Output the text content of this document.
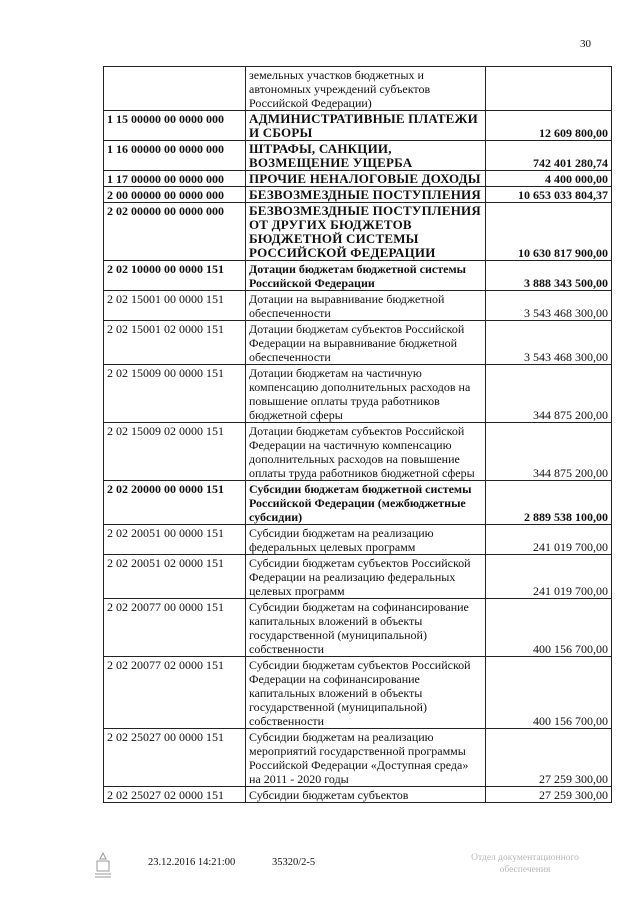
30
	земельных участков бюджетных и автономных учреждений субъектов Российской Федерации)	
1 15 00000 00 0000 000	АДМИНИСТРАТИВНЫЕ ПЛАТЕЖИ И СБОРЫ	12 609 800,00
1 16 00000 00 0000 000	ШТРАФЫ, САНКЦИИ, ВОЗМЕЩЕНИЕ УЩЕРБА	742 401 280,74
1 17 00000 00 0000 000	ПРОЧИЕ НЕНАЛОГОВЫЕ ДОХОДЫ	4 400 000,00
2 00 00000 00 0000 000	БЕЗВОЗМЕЗДНЫЕ ПОСТУПЛЕНИЯ	10 653 033 804,37
2 02 00000 00 0000 000	БЕЗВОЗМЕЗДНЫЕ ПОСТУПЛЕНИЯ ОТ ДРУГИХ БЮДЖЕТОВ БЮДЖЕТНОЙ СИСТЕМЫ РОССИЙСКОЙ ФЕДЕРАЦИИ	10 630 817 900,00
2 02 10000 00 0000 151	Дотации бюджетам бюджетной системы Российской Федерации	3 888 343 500,00
2 02 15001 00 0000 151	Дотации на выравнивание бюджетной обеспеченности	3 543 468 300,00
2 02 15001 02 0000 151	Дотации бюджетам субъектов Российской Федерации на выравнивание бюджетной обеспеченности	3 543 468 300,00
2 02 15009 00 0000 151	Дотации бюджетам на частичную компенсацию дополнительных расходов на повышение оплаты труда работников бюджетной сферы	344 875 200,00
2 02 15009 02 0000 151	Дотации бюджетам субъектов Российской Федерации на частичную компенсацию дополнительных расходов на повышение оплаты труда работников бюджетной сферы	344 875 200,00
2 02 20000 00 0000 151	Субсидии бюджетам бюджетной системы Российской Федерации (межбюджетные субсидии)	2 889 538 100,00
2 02 20051 00 0000 151	Субсидии бюджетам на реализацию федеральных целевых программ	241 019 700,00
2 02 20051 02 0000 151	Субсидии бюджетам субъектов Российской Федерации на реализацию федеральных целевых программ	241 019 700,00
2 02 20077 00 0000 151	Субсидии бюджетам на софинансирование капитальных вложений в объекты государственной (муниципальной) собственности	400 156 700,00
2 02 20077 02 0000 151	Субсидии бюджетам субъектов Российской Федерации на софинансирование капитальных вложений в объекты государственной (муниципальной) собственности	400 156 700,00
2 02 25027 00 0000 151	Субсидии бюджетам на реализацию мероприятий государственной программы Российской Федерации «Доступная среда» на 2011 - 2020 годы	27 259 300,00
2 02 25027 02 0000 151	Субсидии бюджетам субъектов	27 259 300,00
23.12.2016 14:21:00	35320/2-5	Отдел документационного обеспечения
